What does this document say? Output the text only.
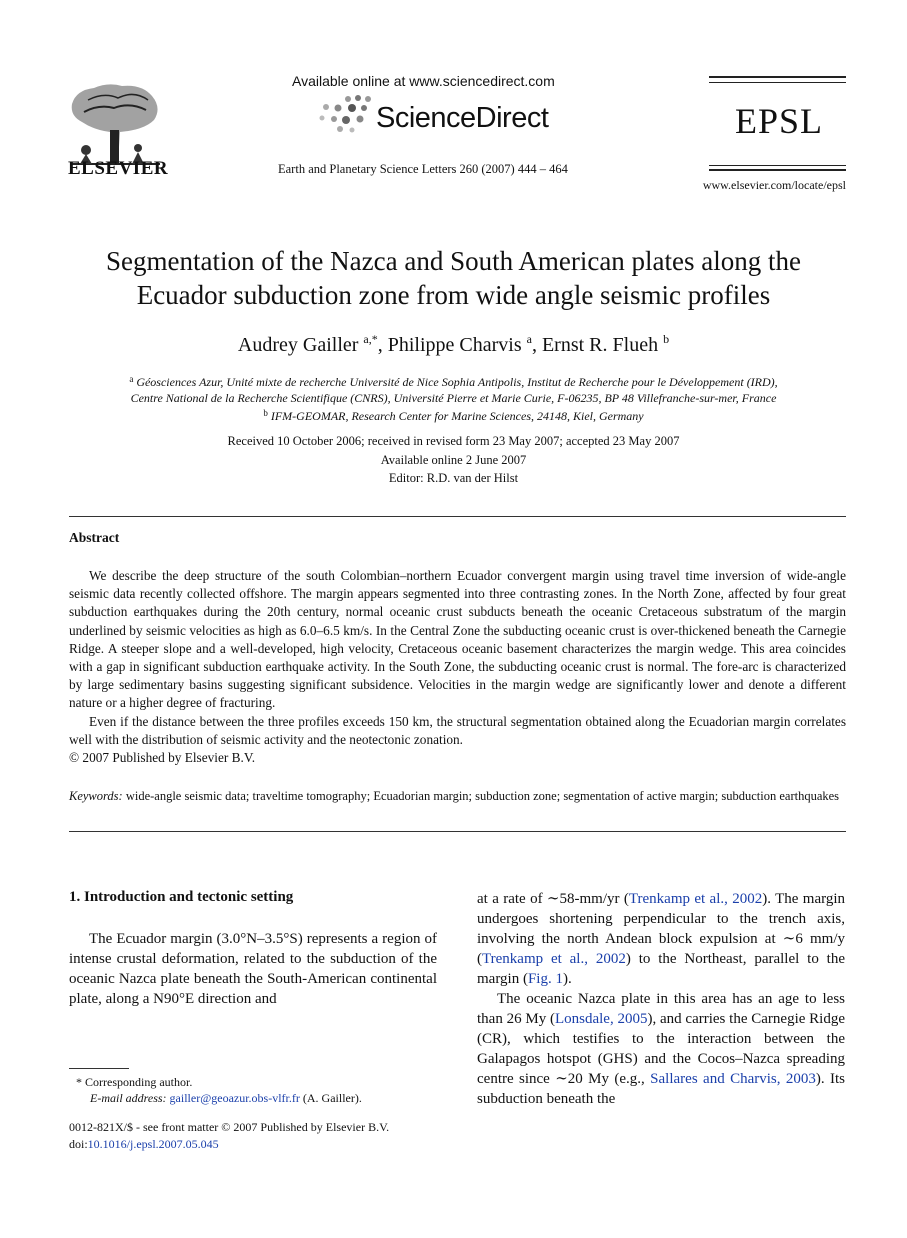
ELSEVIER
Available online at www.sciencedirect.com
ScienceDirect
Earth and Planetary Science Letters 260 (2007) 444 – 464
EPSL
www.elsevier.com/locate/epsl
Segmentation of the Nazca and South American plates along the
Ecuador subduction zone from wide angle seismic profiles
Audrey Gailler $^{a,*}$, Philippe Charvis $^a$, Ernst R. Flueh $^b$
$^a$ Géosciences Azur, Unité mixte de recherche Université de Nice Sophia Antipolis, Institut de Recherche pour le Développement (IRD),
Centre National de la Recherche Scientifique (CNRS), Université Pierre et Marie Curie, F-06235, BP 48 Villefranche-sur-mer, France
$^b$ IFM-GEOMAR, Research Center for Marine Sciences, 24148, Kiel, Germany
Received 10 October 2006; received in revised form 23 May 2007; accepted 23 May 2007
Available online 2 June 2007
Editor: R.D. van der Hilst
Abstract
We describe the deep structure of the south Colombian–northern Ecuador convergent margin using travel time inversion of wide-angle seismic data recently collected offshore. The margin appears segmented into three contrasting zones. In the North Zone, affected by four great subduction earthquakes during the 20th century, normal oceanic crust subducts beneath the oceanic Cretaceous substratum of the margin underlined by seismic velocities as high as 6.0–6.5 km/s. In the Central Zone the subducting oceanic crust is over-thickened beneath the Carnegie Ridge. A steeper slope and a well-developed, high velocity, Cretaceous oceanic basement characterizes the margin wedge. This area coincides with a gap in significant subduction earthquake activity. In the South Zone, the subducting oceanic crust is normal. The fore-arc is characterized by large sedimentary basins suggesting significant subsidence. Velocities in the margin wedge are significantly lower and denote a different nature or a higher degree of fracturing.
Even if the distance between the three profiles exceeds 150 km, the structural segmentation obtained along the Ecuadorian margin correlates well with the distribution of seismic activity and the neotectonic zonation.
© 2007 Published by Elsevier B.V.
Keywords: wide-angle seismic data; traveltime tomography; Ecuadorian margin; subduction zone; segmentation of active margin; subduction earthquakes
1. Introduction and tectonic setting
The Ecuador margin (3.0°N–3.5°S) represents a region of intense crustal deformation, related to the subduction of the oceanic Nazca plate beneath the South-American continental plate, along a N90°E direction and
at a rate of ∼58-mm/yr (Trenkamp et al., 2002). The margin undergoes shortening perpendicular to the trench axis, involving the north Andean block expulsion at ∼6 mm/y (Trenkamp et al., 2002) to the Northeast, parallel to the margin (Fig. 1).
The oceanic Nazca plate in this area has an age to less than 26 My (Lonsdale, 2005), and carries the Carnegie Ridge (CR), which testifies to the interaction between the Galapagos hotspot (GHS) and the Cocos–Nazca spreading centre since ∼20 My (e.g., Sallares and Charvis, 2003). Its subduction beneath the
* Corresponding author.
E-mail address: gailler@geoazur.obs-vlfr.fr (A. Gailler).
0012-821X/$ - see front matter © 2007 Published by Elsevier B.V.
doi:10.1016/j.epsl.2007.05.045
